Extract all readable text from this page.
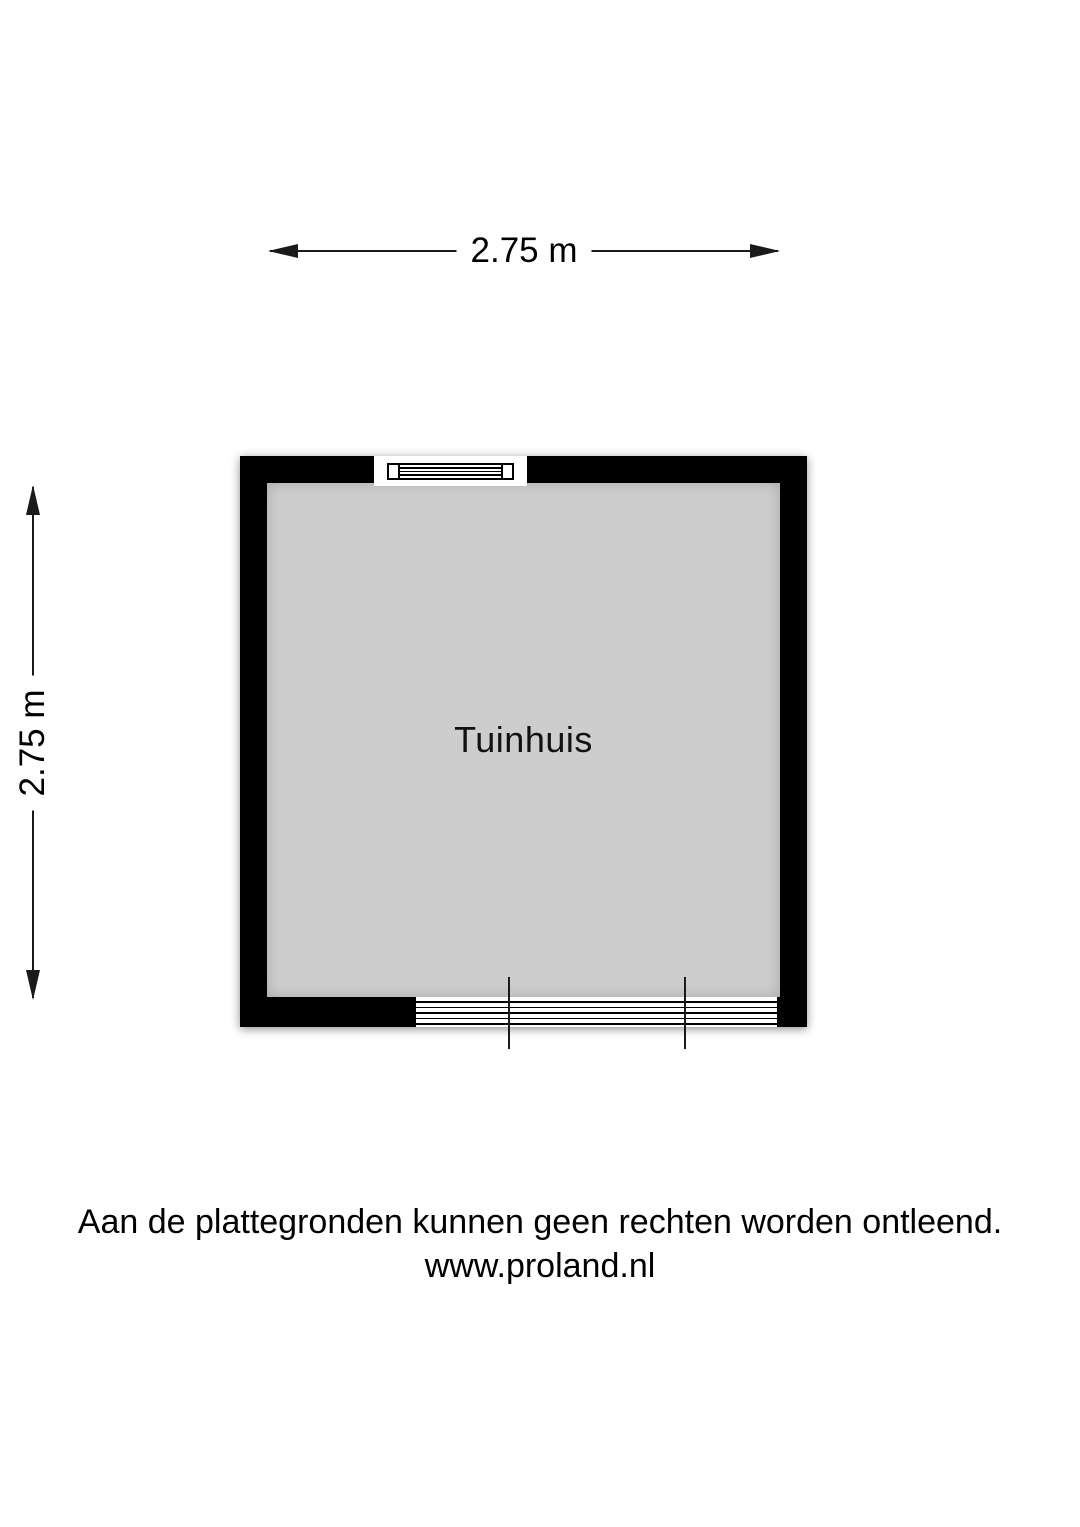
2.75 m
2.75 m	Tuinhuis
Aan de plattegronden kunnen geen rechten worden ontleend.
www.proland.nl
